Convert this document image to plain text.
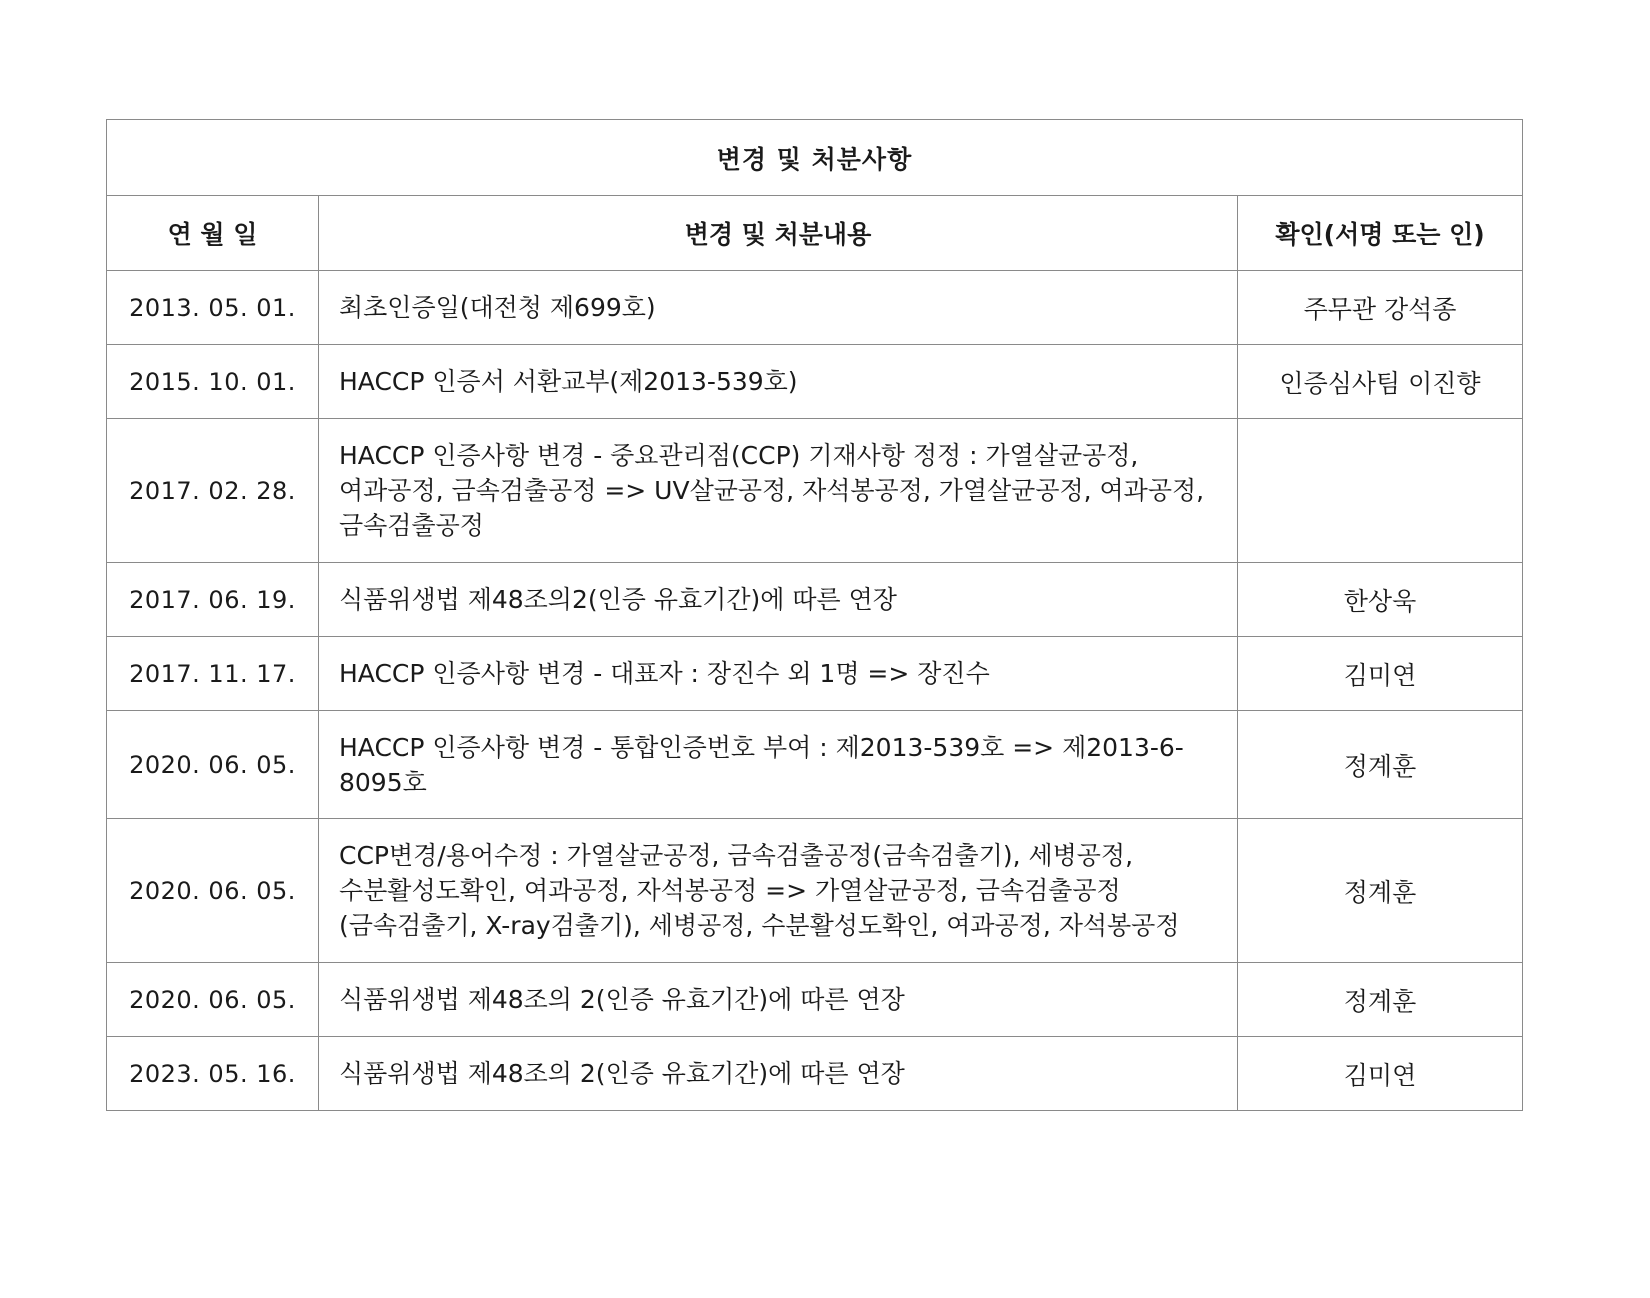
변경 및 처분사항		
연 월 일	변경 및 처분내용	확인(서명 또는 인)
2013. 05. 01.	최초인증일(대전청 제699호)	주무관 강석종
2015. 10. 01.	HACCP 인증서 서환교부(제2013-539호)	인증심사팀 이진향
2017. 02. 28.	HACCP 인증사항 변경 - 중요관리점(CCP) 기재사항 정정 : 가열살균공정, 여과공정, 금속검출공정 => UV살균공정, 자석봉공정, 가열살균공정, 여과공정, 금속검출공정	
2017. 06. 19.	식품위생법 제48조의2(인증 유효기간)에 따른 연장	한상욱
2017. 11. 17.	HACCP 인증사항 변경 - 대표자 : 장진수 외 1명 => 장진수	김미연
2020. 06. 05.	HACCP 인증사항 변경 - 통합인증번호 부여 : 제2013-539호 => 제2013-6-8095호	정계훈
2020. 06. 05.	CCP변경/용어수정 : 가열살균공정, 금속검출공정(금속검출기), 세병공정, 수분활성도확인, 여과공정, 자석봉공정 => 가열살균공정, 금속검출공정(금속검출기, X-ray검출기), 세병공정, 수분활성도확인, 여과공정, 자석봉공정	정계훈
2020. 06. 05.	식품위생법 제48조의 2(인증 유효기간)에 따른 연장	정계훈
2023. 05. 16.	식품위생법 제48조의 2(인증 유효기간)에 따른 연장	김미연
